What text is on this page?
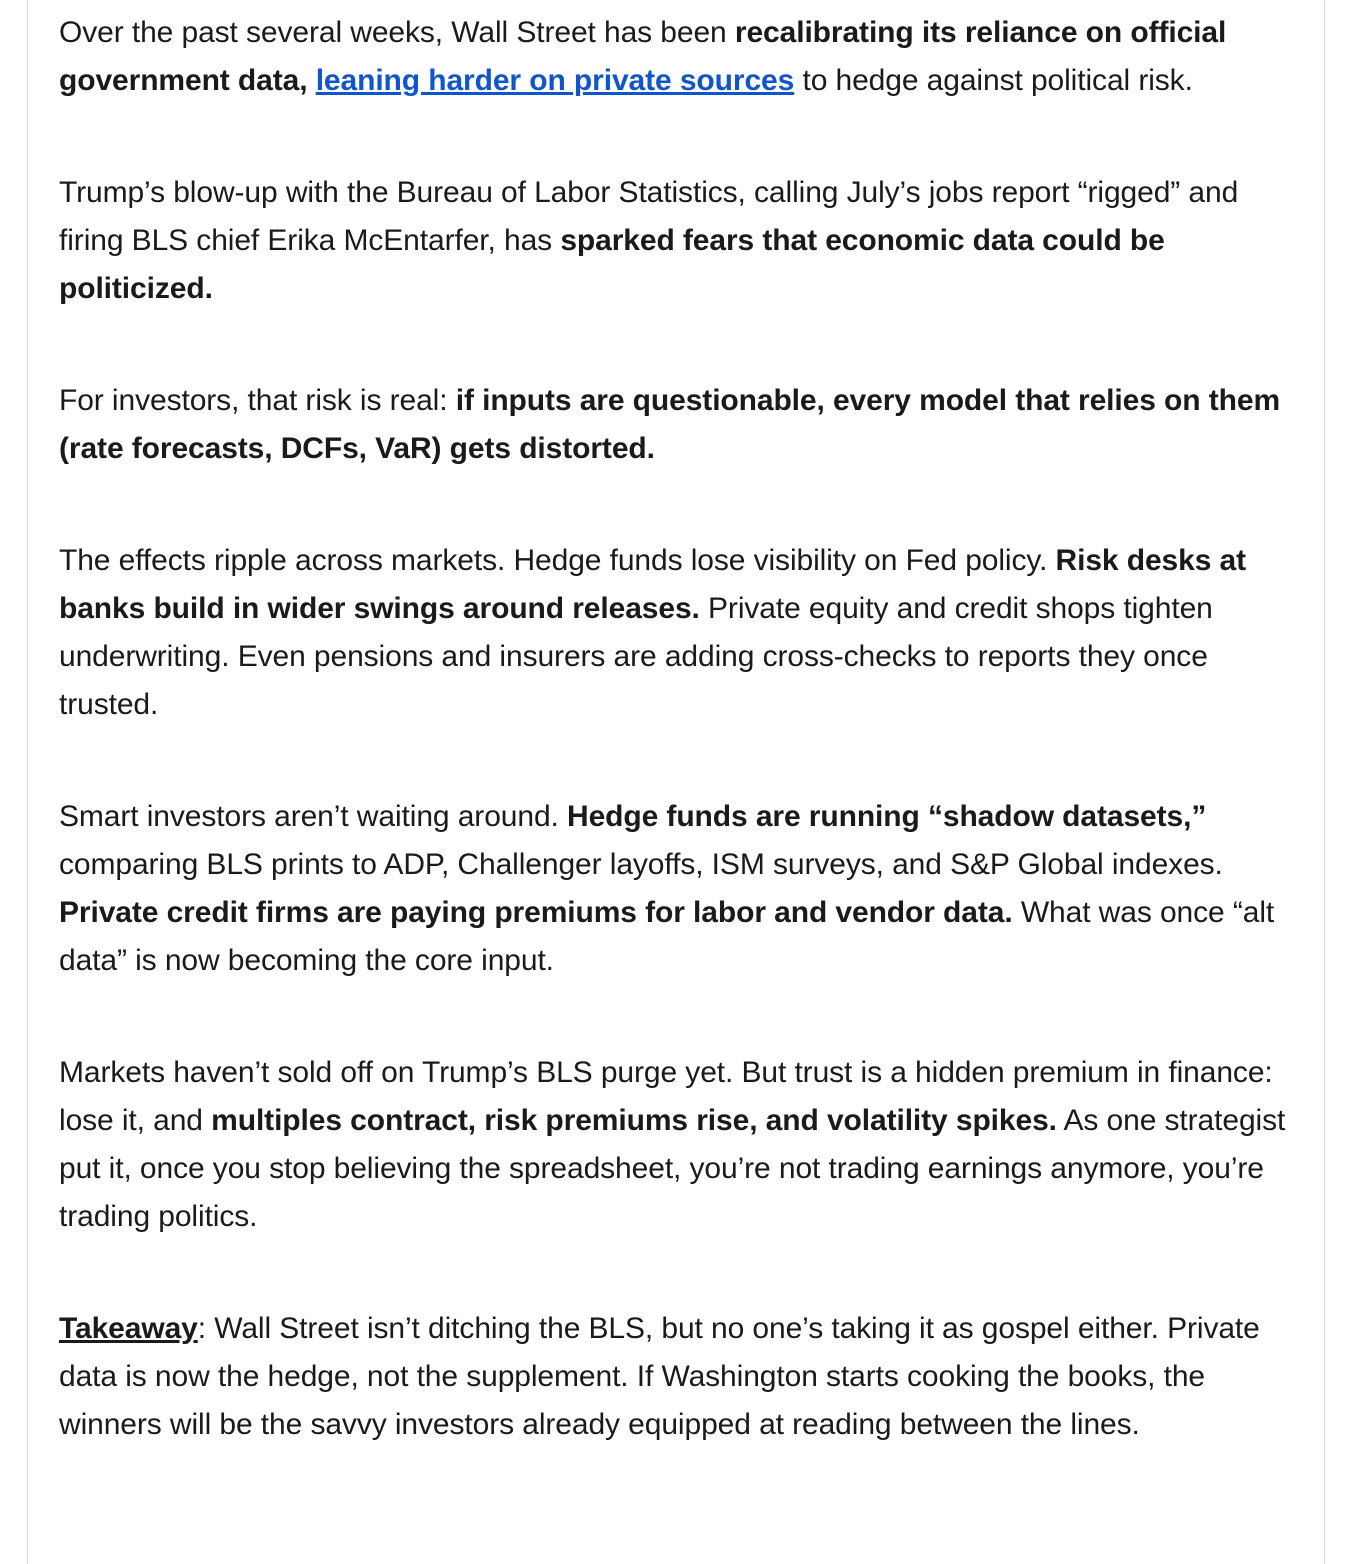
Over the past several weeks, Wall Street has been recalibrating its reliance on official government data, leaning harder on private sources to hedge against political risk.

Trump’s blow-up with the Bureau of Labor Statistics, calling July’s jobs report “rigged” and firing BLS chief Erika McEntarfer, has sparked fears that economic data could be politicized.

For investors, that risk is real: if inputs are questionable, every model that relies on them (rate forecasts, DCFs, VaR) gets distorted.

The effects ripple across markets. Hedge funds lose visibility on Fed policy. Risk desks at banks build in wider swings around releases. Private equity and credit shops tighten underwriting. Even pensions and insurers are adding cross-checks to reports they once trusted.

Smart investors aren’t waiting around. Hedge funds are running “shadow datasets,” comparing BLS prints to ADP, Challenger layoffs, ISM surveys, and S&P Global indexes. Private credit firms are paying premiums for labor and vendor data. What was once “alt data” is now becoming the core input.

Markets haven’t sold off on Trump’s BLS purge yet. But trust is a hidden premium in finance: lose it, and multiples contract, risk premiums rise, and volatility spikes. As one strategist put it, once you stop believing the spreadsheet, you’re not trading earnings anymore, you’re trading politics.

Takeaway: Wall Street isn’t ditching the BLS, but no one’s taking it as gospel either. Private data is now the hedge, not the supplement. If Washington starts cooking the books, the winners will be the savvy investors already equipped at reading between the lines.
